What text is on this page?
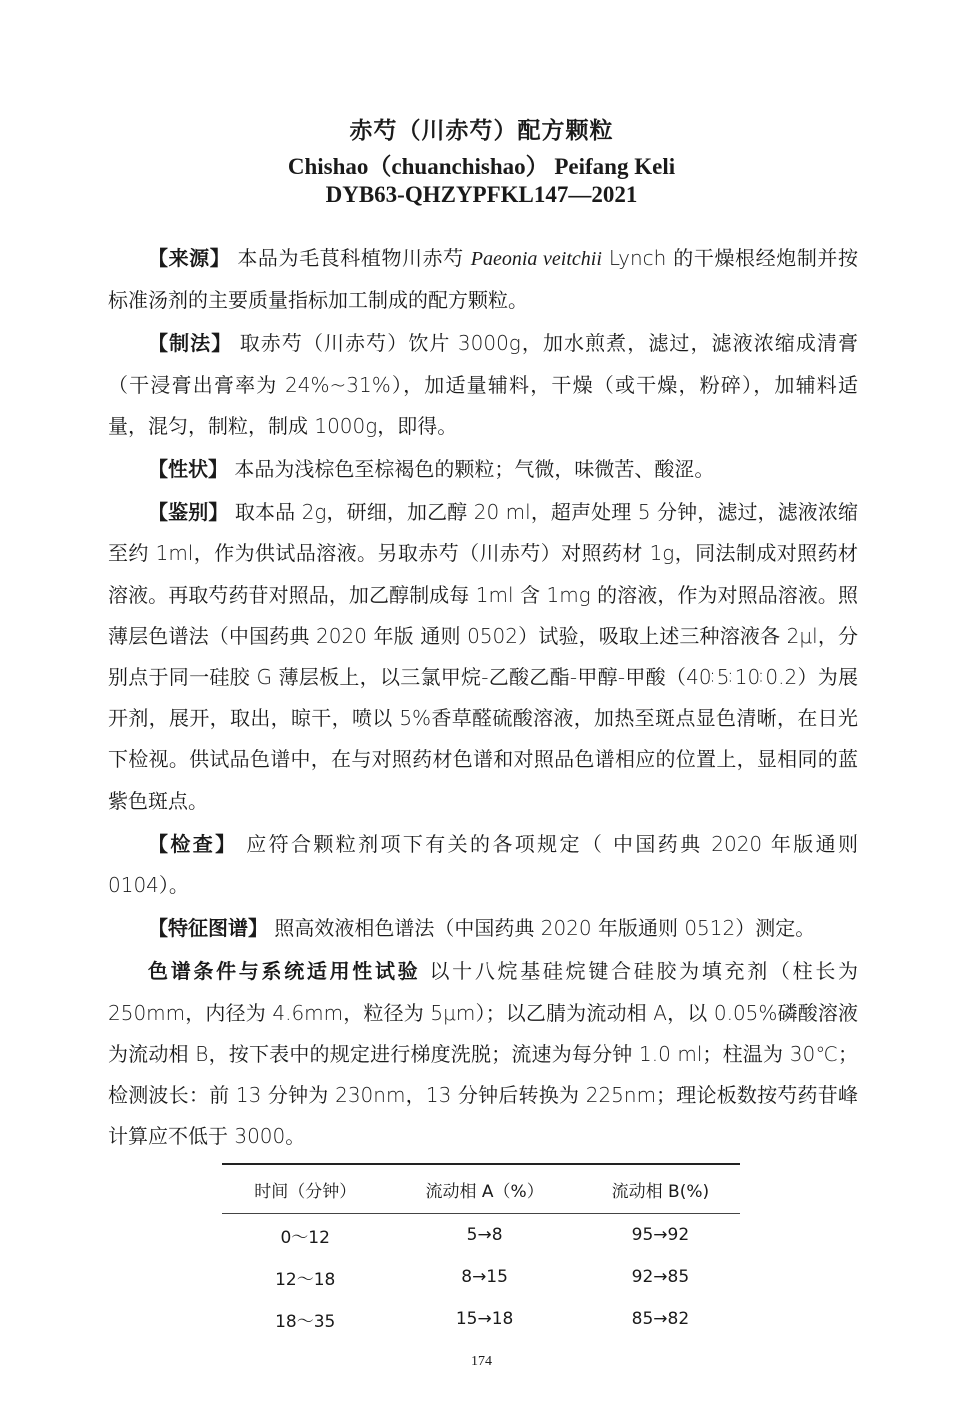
赤芍（川赤芍）配方颗粒
Chishao（chuanchishao） Peifang Keli
DYB63-QHZYPFKL147—2021

【来源】 本品为毛茛科植物川赤芍 Paeonia veitchii Lynch 的干燥根经炮制并按标准汤剂的主要质量指标加工制成的配方颗粒。

【制法】 取赤芍（川赤芍）饮片 3000g，加水煎煮，滤过，滤液浓缩成清膏（干浸膏出膏率为 24%~31%），加适量辅料，干燥（或干燥，粉碎），加辅料适量，混匀，制粒，制成 1000g，即得。

【性状】 本品为浅棕色至棕褐色的颗粒；气微，味微苦、酸涩。

【鉴别】 取本品 2g，研细，加乙醇 20 ml，超声处理 5 分钟，滤过，滤液浓缩至约 1ml，作为供试品溶液。另取赤芍（川赤芍）对照药材 1g，同法制成对照药材溶液。再取芍药苷对照品，加乙醇制成每 1ml 含 1mg 的溶液，作为对照品溶液。照薄层色谱法（中国药典 2020 年版 通则 0502）试验，吸取上述三种溶液各 2μl，分别点于同一硅胶 G 薄层板上，以三氯甲烷-乙酸乙酯-甲醇-甲酸（40∶5∶10∶0.2）为展开剂，展开，取出，晾干，喷以 5%香草醛硫酸溶液，加热至斑点显色清晰，在日光下检视。供试品色谱中，在与对照药材色谱和对照品色谱相应的位置上，显相同的蓝紫色斑点。

【检查】 应符合颗粒剂项下有关的各项规定（ 中国药典 2020 年版通则 0104）。

【特征图谱】 照高效液相色谱法（中国药典 2020 年版通则 0512）测定。

色谱条件与系统适用性试验 以十八烷基硅烷键合硅胶为填充剂（柱长为 250mm，内径为 4.6mm，粒径为 5μm）；以乙腈为流动相 A，以 0.05%磷酸溶液为流动相 B，按下表中的规定进行梯度洗脱；流速为每分钟 1.0 ml；柱温为 30℃；检测波长：前 13 分钟为 230nm，13 分钟后转换为 225nm；理论板数按芍药苷峰计算应不低于 3000。

时间（分钟）	流动相 A（%）	流动相 B(%)
0～12	5→8	95→92
12～18	8→15	92→85
18～35	15→18	85→82
174
